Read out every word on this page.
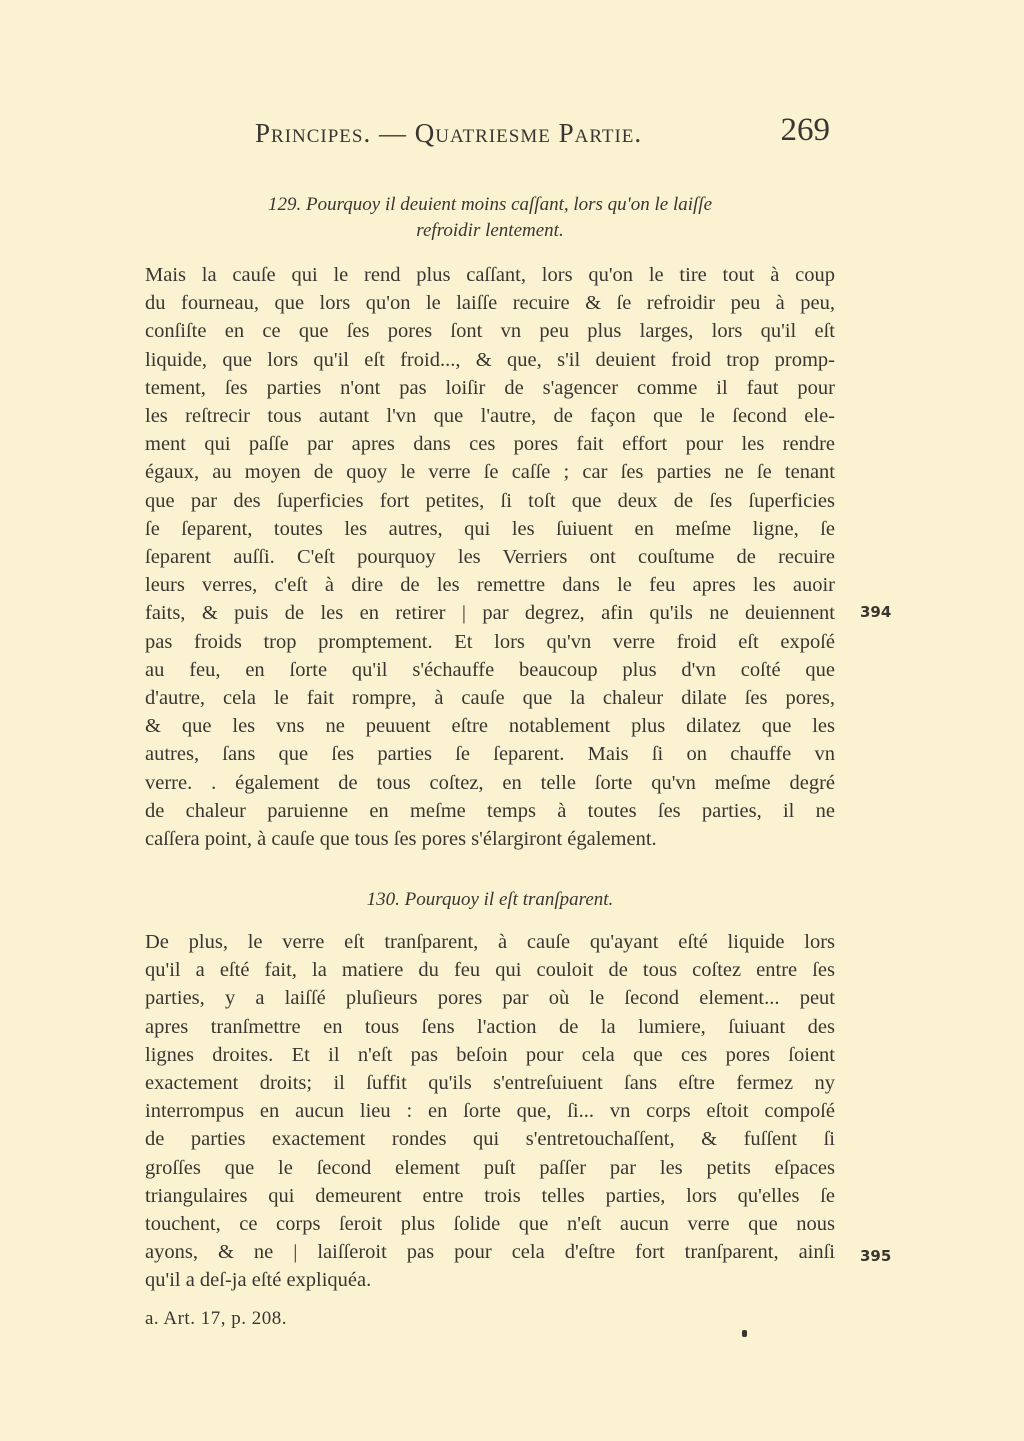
Principes. — Quatriesme Partie.	269
129. Pourquoy il deuient moins caſſant, lors qu'on le laiſſe
refroidir lentement.
Mais la cauſe qui le rend plus caſſant, lors qu'on le tire tout à coup
du fourneau, que lors qu'on le laiſſe recuire & ſe refroidir peu à peu,
conſiſte en ce que ſes pores ſont vn peu plus larges, lors qu'il eſt
liquide, que lors qu'il eſt froid..., & que, s'il deuient froid trop promp-
tement, ſes parties n'ont pas loiſir de s'agencer comme il faut pour
les reſtrecir tous autant l'vn que l'autre, de façon que le ſecond ele-
ment qui paſſe par apres dans ces pores fait effort pour les rendre
égaux, au moyen de quoy le verre ſe caſſe ; car ſes parties ne ſe tenant
que par des ſuperficies fort petites, ſi toſt que deux de ſes ſuperficies
ſe ſeparent, toutes les autres, qui les ſuiuent en meſme ligne, ſe
ſeparent auſſi. C'eſt pourquoy les Verriers ont couſtume de recuire
leurs verres, c'eſt à dire de les remettre dans le feu apres les auoir
faits, & puis de les en retirer | par degrez, afin qu'ils ne deuiennent
pas froids trop promptement. Et lors qu'vn verre froid eſt expoſé
au feu, en ſorte qu'il s'échauffe beaucoup plus d'vn coſté que
d'autre, cela le fait rompre, à cauſe que la chaleur dilate ſes pores,
& que les vns ne peuuent eſtre notablement plus dilatez que les
autres, ſans que ſes parties ſe ſeparent. Mais ſi on chauffe vn
verre. . également de tous coſtez, en telle ſorte qu'vn meſme degré
de chaleur paruienne en meſme temps à toutes ſes parties, il ne
caſſera point, à cauſe que tous ſes pores s'élargiront également.
394
130. Pourquoy il eſt tranſparent.
De plus, le verre eſt tranſparent, à cauſe qu'ayant eſté liquide lors
qu'il a eſté fait, la matiere du feu qui couloit de tous coſtez entre ſes
parties, y a laiſſé pluſieurs pores par où le ſecond element... peut
apres tranſmettre en tous ſens l'action de la lumiere, ſuiuant des
lignes droites. Et il n'eſt pas beſoin pour cela que ces pores ſoient
exactement droits; il ſuffit qu'ils s'entreſuiuent ſans eſtre fermez ny
interrompus en aucun lieu : en ſorte que, ſi... vn corps eſtoit compoſé
de parties exactement rondes qui s'entretouchaſſent, & fuſſent ſi
groſſes que le ſecond element puſt paſſer par les petits eſpaces
triangulaires qui demeurent entre trois telles parties, lors qu'elles ſe
touchent, ce corps ſeroit plus ſolide que n'eſt aucun verre que nous
ayons, & ne | laiſſeroit pas pour cela d'eſtre fort tranſparent, ainſi
qu'il a deſ-ja eſté expliquéa.
395
a. Art. 17, p. 208.
